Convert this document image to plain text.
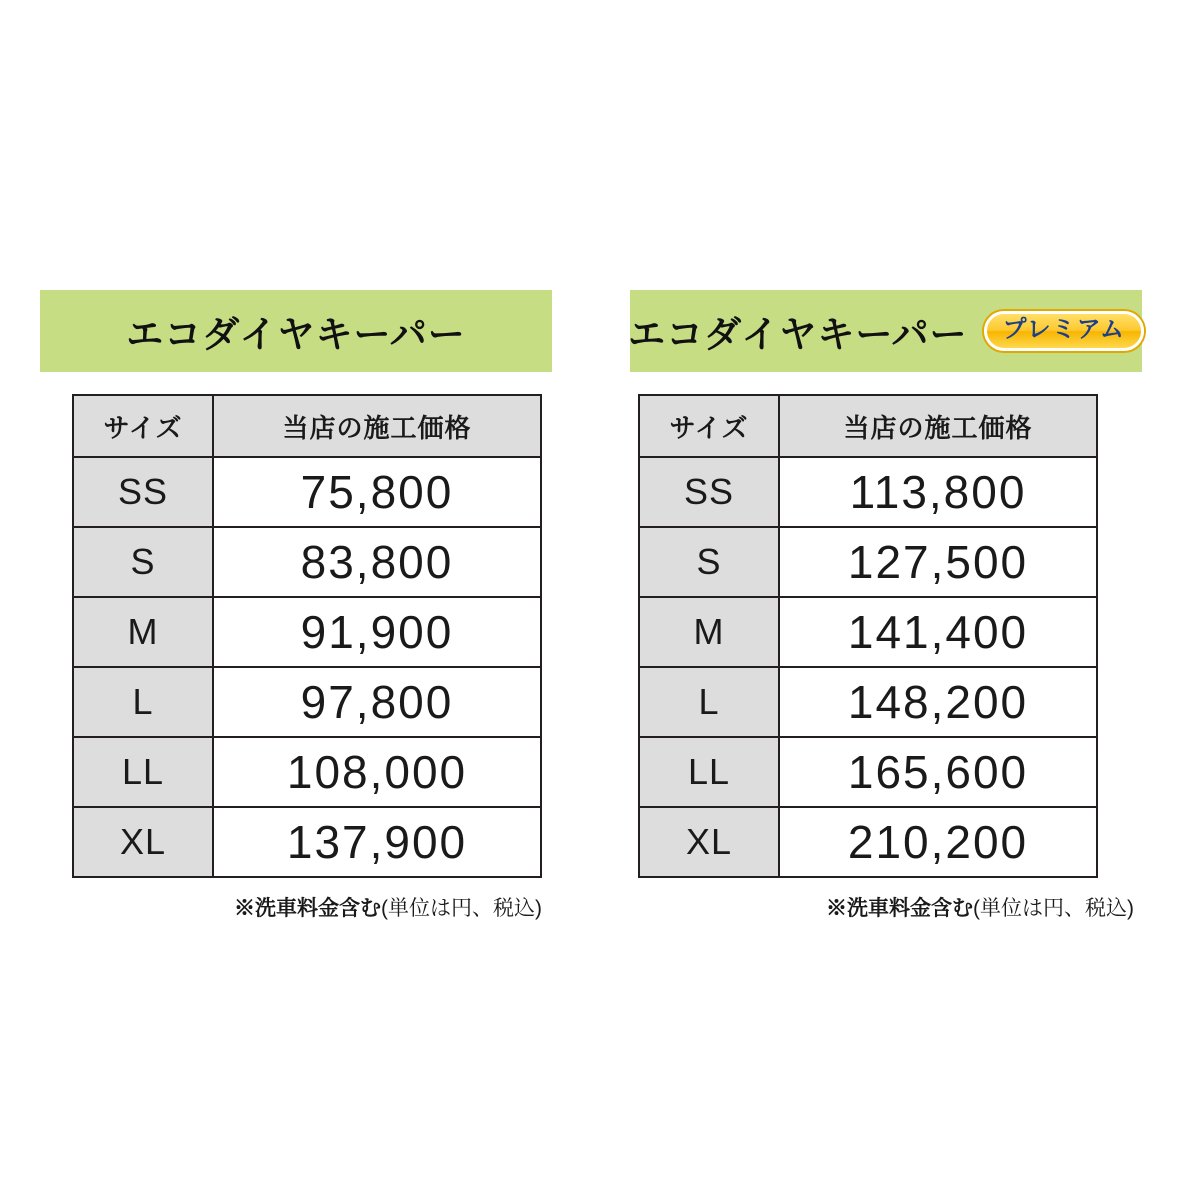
エコダイヤキーパー
サイズ	当店の施工価格
SS	75,800
S	83,800
M	91,900
L	97,800
LL	108,000
XL	137,900
※洗車料金含む(単位は円、税込)
エコダイヤキーパー プレミアム
サイズ	当店の施工価格
SS	113,800
S	127,500
M	141,400
L	148,200
LL	165,600
XL	210,200
※洗車料金含む(単位は円、税込)
